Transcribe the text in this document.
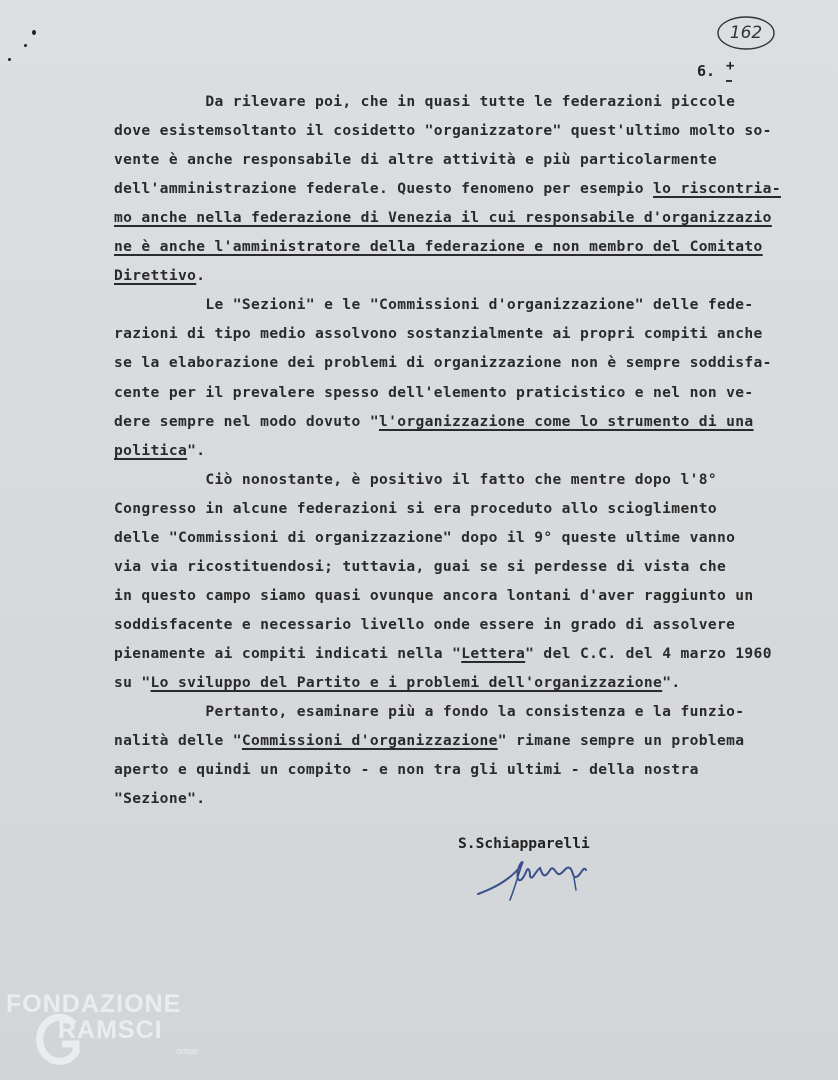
162
6. +
Da rilevare poi, che in quasi tutte le federazioni piccole
dove esistemsoltanto il cosidetto "organizzatore" quest'ultimo molto so-
vente è anche responsabile di altre attività e più particolarmente
dell'amministrazione federale. Questo fenomeno per esempio lo riscontria-
mo anche nella federazione di Venezia il cui responsabile d'organizzazio
ne è anche l'amministratore della federazione e non membro del Comitato
Direttivo.
Le "Sezioni" e le "Commissioni d'organizzazione" delle fede-
razioni di tipo medio assolvono sostanzialmente ai propri compiti anche
se la elaborazione dei problemi di organizzazione non è sempre soddisfa-
cente per il prevalere spesso dell'elemento praticistico e nel non ve-
dere sempre nel modo dovuto "l'organizzazione come lo strumento di una
politica".
Ciò nonostante, è positivo il fatto che mentre dopo l'8°
Congresso in alcune federazioni si era proceduto allo scioglimento
delle "Commissioni di organizzazione" dopo il 9° queste ultime vanno
via via ricostituendosi; tuttavia, guai se si perdesse di vista che
in questo campo siamo quasi ovunque ancora lontani d'aver raggiunto un
soddisfacente e necessario livello onde essere in grado di assolvere
pienamente ai compiti indicati nella "Lettera" del C.C. del 4 marzo 1960
su "Lo sviluppo del Partito e i problemi dell'organizzazione".
Pertanto, esaminare più a fondo la consistenza e la funzio-
nalità delle "Commissioni d'organizzazione" rimane sempre un problema
aperto e quindi un compito - e non tra gli ultimi - della nostra
"Sezione".
S.Schiapparelli
FONDAZIONE
RAMSCI
onlus
